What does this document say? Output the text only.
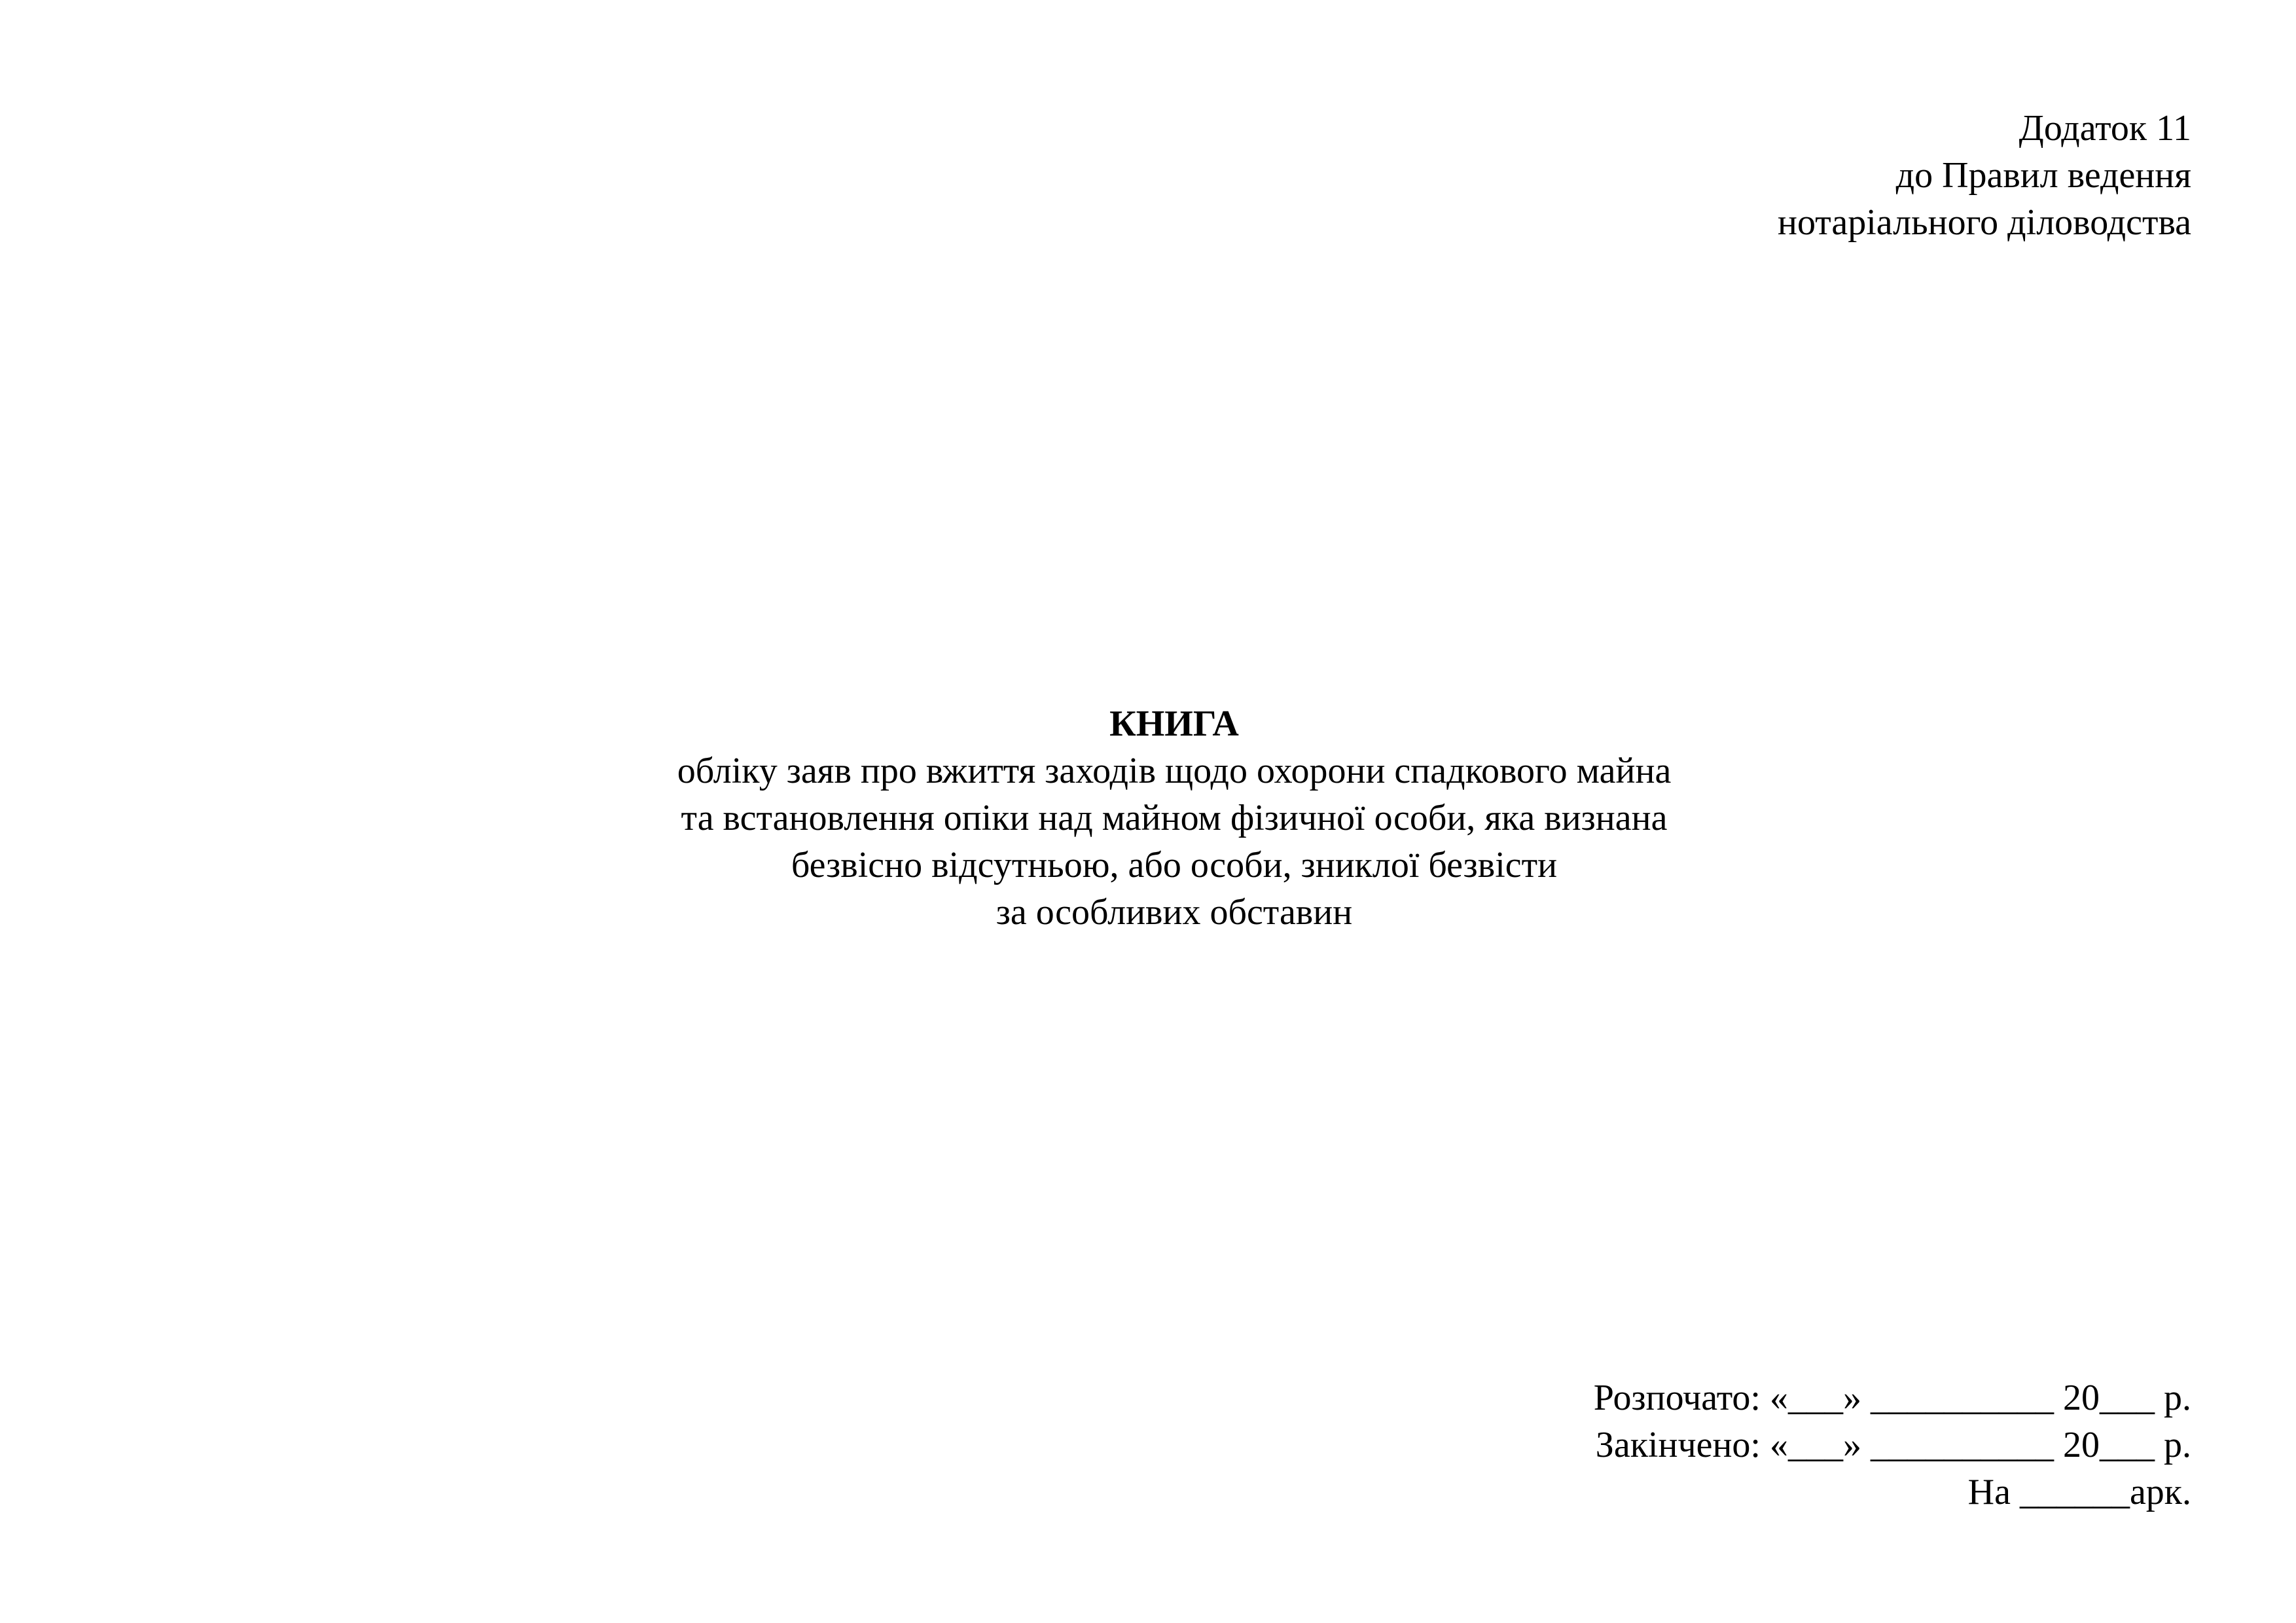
Додаток 11
до Правил ведення
нотаріального діловодства
КНИГА
обліку заяв про вжиття заходів щодо охорони спадкового майна
та встановлення опіки над майном фізичної особи, яка визнана
безвісно відсутньою, або особи, зниклої безвісти
за особливих обставин
Розпочато: «___» __________ 20___ р.
Закінчено: «___» __________ 20___ р.
На ______арк.
